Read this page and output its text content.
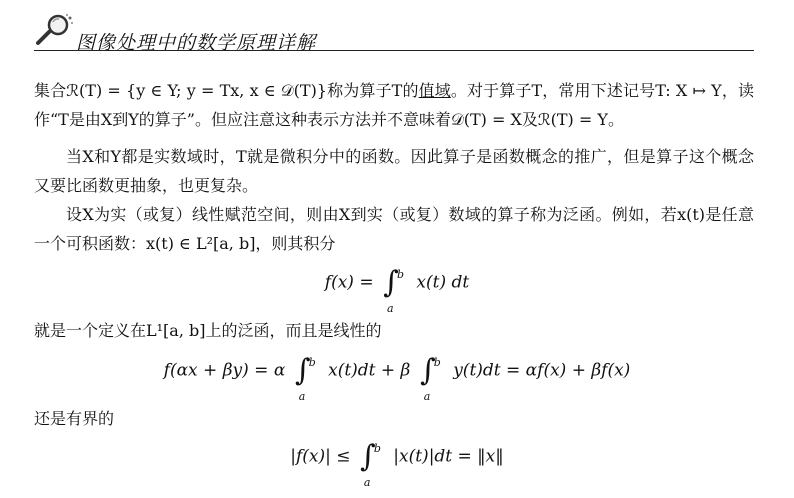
图像处理中的数学原理详解

集合ℛ(T) = {y ∈ Y; y = Tx, x ∈ 𝒟(T)}称为算子T的值域。对于算子T，常用下述记号T: X ↦ Y，读作“T是由X到Y的算子”。但应注意这种表示方法并不意味着𝒟(T) = X及ℛ(T) = Y。

当X和Y都是实数域时，T就是微积分中的函数。因此算子是函数概念的推广，但是算子这个概念又要比函数更抽象，也更复杂。

设X为实（或复）线性赋范空间，则由X到实（或复）数域的算子称为泛函。例如，若x(t)是任意一个可积函数：x(t) ∈ L²[a, b]，则其积分

f(x) = ∫
b
a
x(t) dt

就是一个定义在L¹[a, b]上的泛函，而且是线性的

f(αx + βy) = α ∫
b
a
x(t)dt + β ∫
b
a
y(t)dt = αf(x) + βf(x)

还是有界的

|f(x)| ≤ ∫
b
a
|x(t)|dt = ‖x‖
